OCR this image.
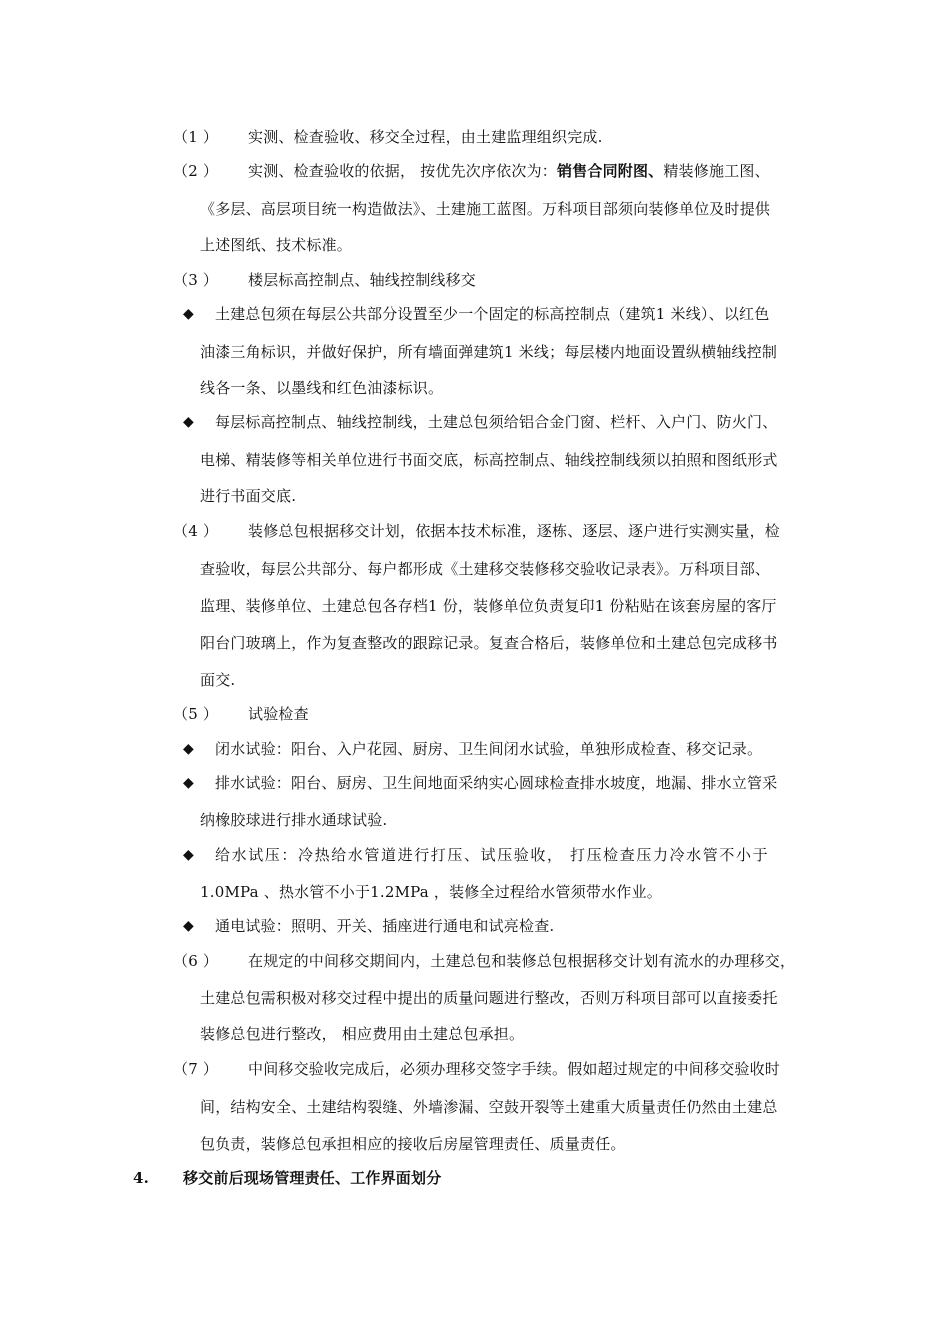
（1 ） 实测、检查验收、移交全过程，由土建监理组织完成.
（2 ） 实测、检查验收的依据， 按优先次序依次为：销售合同附图、精装修施工图、
《多层、高层项目统一构造做法》、土建施工蓝图。万科项目部须向装修单位及时提供
上述图纸、技术标准。
（3 ） 楼层标高控制点、轴线控制线移交
◆ 土建总包须在每层公共部分设置至少一个固定的标高控制点（建筑1 米线）、以红色
油漆三角标识，并做好保护，所有墙面弹建筑1 米线；每层楼内地面设置纵横轴线控制
线各一条、以墨线和红色油漆标识。
◆ 每层标高控制点、轴线控制线，土建总包须给铝合金门窗、栏杆、入户门、防火门、
电梯、精装修等相关单位进行书面交底，标高控制点、轴线控制线须以拍照和图纸形式
进行书面交底.
（4 ） 装修总包根据移交计划，依据本技术标准，逐栋、逐层、逐户进行实测实量，检
查验收，每层公共部分、每户都形成《土建移交装修移交验收记录表》。万科项目部、
监理、装修单位、土建总包各存档1 份，装修单位负责复印1 份粘贴在该套房屋的客厅
阳台门玻璃上，作为复查整改的跟踪记录。复查合格后，装修单位和土建总包完成移书
面交.
（5 ） 试验检查
◆ 闭水试验：阳台、入户花园、厨房、卫生间闭水试验，单独形成检查、移交记录。
◆ 排水试验：阳台、厨房、卫生间地面采纳实心圆球检查排水坡度，地漏、排水立管采
纳橡胶球进行排水通球试验.
◆ 给水试压：冷热给水管道进行打压、试压验收， 打压检查压力冷水管不小于
1.0MPa 、热水管不小于1.2MPa ，装修全过程给水管须带水作业。
◆ 通电试验：照明、开关、插座进行通电和试亮检查.
（6 ） 在规定的中间移交期间内，土建总包和装修总包根据移交计划有流水的办理移交，
土建总包需积极对移交过程中提出的质量问题进行整改，否则万科项目部可以直接委托
装修总包进行整改， 相应费用由土建总包承担。
（7 ） 中间移交验收完成后，必须办理移交签字手续。假如超过规定的中间移交验收时
间，结构安全、土建结构裂缝、外墙渗漏、空鼓开裂等土建重大质量责任仍然由土建总
包负责，装修总包承担相应的接收后房屋管理责任、质量责任。
4. 移交前后现场管理责任、工作界面划分
